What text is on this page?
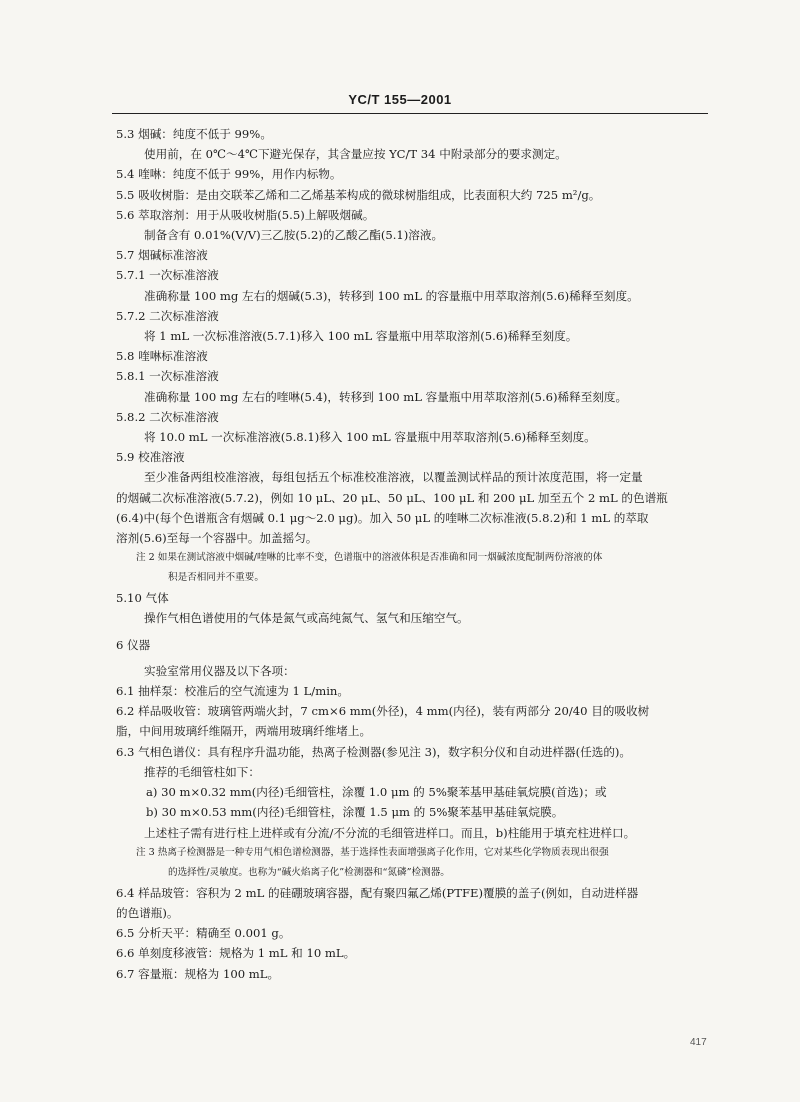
YC/T 155—2001
5.3 烟碱：纯度不低于 99%。
使用前，在 0℃～4℃下避光保存，其含量应按 YC/T 34 中附录部分的要求测定。
5.4 喹啉：纯度不低于 99%，用作内标物。
5.5 吸收树脂：是由交联苯乙烯和二乙烯基苯构成的微球树脂组成，比表面积大约 725 m²/g。
5.6 萃取溶剂：用于从吸收树脂(5.5)上解吸烟碱。
制备含有 0.01%(V/V)三乙胺(5.2)的乙酸乙酯(5.1)溶液。
5.7 烟碱标准溶液
5.7.1 一次标准溶液
准确称量 100 mg 左右的烟碱(5.3)，转移到 100 mL 的容量瓶中用萃取溶剂(5.6)稀释至刻度。
5.7.2 二次标准溶液
将 1 mL 一次标准溶液(5.7.1)移入 100 mL 容量瓶中用萃取溶剂(5.6)稀释至刻度。
5.8 喹啉标准溶液
5.8.1 一次标准溶液
准确称量 100 mg 左右的喹啉(5.4)，转移到 100 mL 容量瓶中用萃取溶剂(5.6)稀释至刻度。
5.8.2 二次标准溶液
将 10.0 mL 一次标准溶液(5.8.1)移入 100 mL 容量瓶中用萃取溶剂(5.6)稀释至刻度。
5.9 校准溶液
至少准备两组校准溶液，每组包括五个标准校准溶液，以覆盖测试样品的预计浓度范围，将一定量
的烟碱二次标准溶液(5.7.2)，例如 10 μL、20 μL、50 μL、100 μL 和 200 μL 加至五个 2 mL 的色谱瓶
(6.4)中(每个色谱瓶含有烟碱 0.1 μg～2.0 μg)。加入 50 μL 的喹啉二次标准液(5.8.2)和 1 mL 的萃取
溶剂(5.6)至每一个容器中。加盖摇匀。
注 2 如果在测试溶液中烟碱/喹啉的比率不变，色谱瓶中的溶液体积是否准确和同一烟碱浓度配制两份溶液的体
积是否相同并不重要。
5.10 气体
操作气相色谱使用的气体是氮气或高纯氮气、氢气和压缩空气。
6 仪器
实验室常用仪器及以下各项：
6.1 抽样泵：校准后的空气流速为 1 L/min。
6.2 样品吸收管：玻璃管两端火封，7 cm×6 mm(外径)，4 mm(内径)，装有两部分 20/40 目的吸收树
脂，中间用玻璃纤维隔开，两端用玻璃纤维堵上。
6.3 气相色谱仪：具有程序升温功能，热离子检测器(参见注 3)，数字积分仪和自动进样器(任选的)。
推荐的毛细管柱如下：
a) 30 m×0.32 mm(内径)毛细管柱，涂覆 1.0 μm 的 5%聚苯基甲基硅氧烷膜(首选)；或
b) 30 m×0.53 mm(内径)毛细管柱，涂覆 1.5 μm 的 5%聚苯基甲基硅氧烷膜。
上述柱子需有进行柱上进样或有分流/不分流的毛细管进样口。而且，b)柱能用于填充柱进样口。
注 3 热离子检测器是一种专用气相色谱检测器，基于选择性表面增强离子化作用，它对某些化学物质表现出很强
的选择性/灵敏度。也称为“碱火焰离子化”检测器和“氮磷”检测器。
6.4 样品玻管：容积为 2 mL 的硅硼玻璃容器，配有聚四氟乙烯(PTFE)覆膜的盖子(例如，自动进样器
的色谱瓶)。
6.5 分析天平：精确至 0.001 g。
6.6 单刻度移液管：规格为 1 mL 和 10 mL。
6.7 容量瓶：规格为 100 mL。
417
